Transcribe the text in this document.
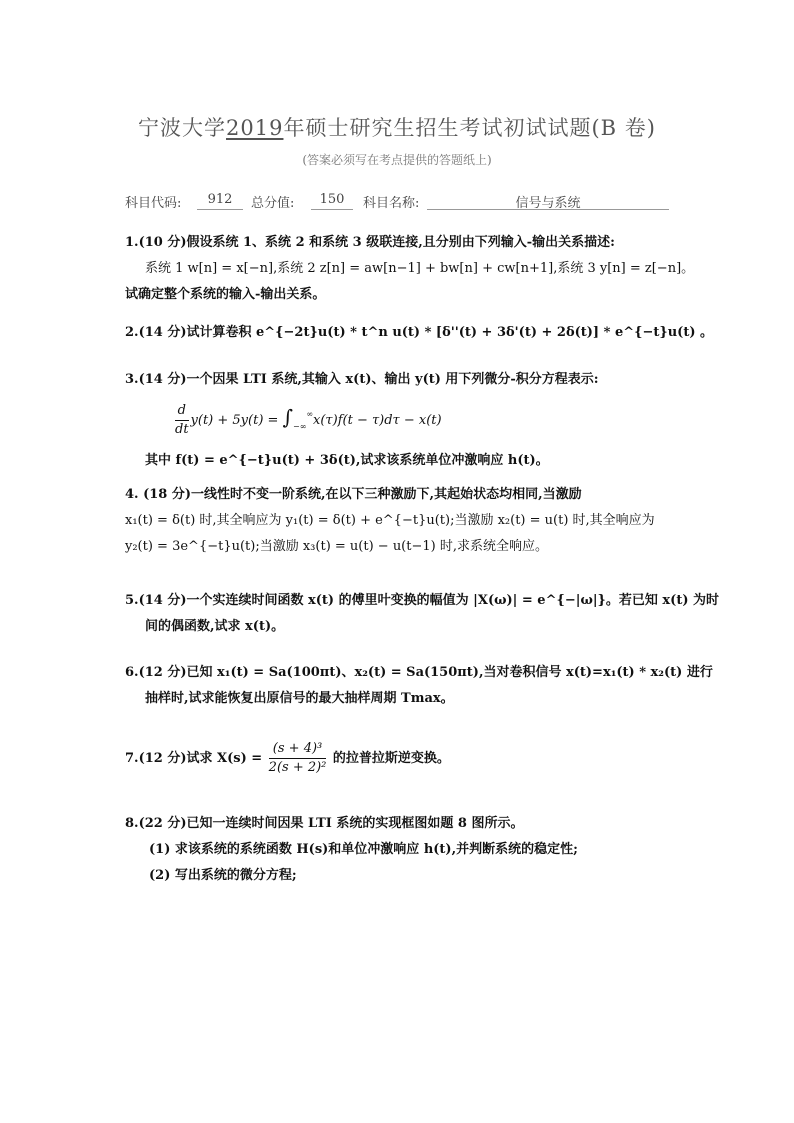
宁波大学2019年硕士研究生招生考试初试试题(B 卷)
(答案必须写在考点提供的答题纸上)
科目代码:	912	总分值:	150	科目名称:	信号与系统

1.(10 分)假设系统 1、系统 2 和系统 3 级联连接,且分别由下列输入-输出关系描述:

系统 1 w[n] = x[−n],系统 2 z[n] = aw[n−1] + bw[n] + cw[n+1],系统 3 y[n] = z[−n]。

试确定整个系统的输入-输出关系。

2.(14 分)试计算卷积 e^{−2t}u(t) * t^n u(t) * [δ''(t) + 3δ'(t) + 2δ(t)] * e^{−t}u(t) 。

3.(14 分)一个因果 LTI 系统,其输入 x(t)、输出 y(t) 用下列微分-积分方程表示:

$\frac{d}{dt} y(t) + 5y(t) = \int_{-\infty}^\infty x(\tau)f(t - \tau)d\tau - x(t)$

其中 f(t) = e^{−t}u(t) + 3δ(t),试求该系统单位冲激响应 h(t)。

4. (18 分)一线性时不变一阶系统,在以下三种激励下,其起始状态均相同,当激励

x₁(t) = δ(t) 时,其全响应为 y₁(t) = δ(t) + e^{−t}u(t);当激励 x₂(t) = u(t) 时,其全响应为

y₂(t) = 3e^{−t}u(t);当激励 x₃(t) = u(t) − u(t−1) 时,求系统全响应。

5.(14 分)一个实连续时间函数 x(t) 的傅里叶变换的幅值为 |X(ω)| = e^{−|ω|}。若已知 x(t) 为时

间的偶函数,试求 x(t)。

6.(12 分)已知 x₁(t) = Sa(100πt)、x₂(t) = Sa(150πt),当对卷积信号 x(t)=x₁(t) * x₂(t) 进行

抽样时,试求能恢复出原信号的最大抽样周期 Tmax。

7.(12 分)试求 $X(s) = \frac{\text{(s + 4)³}}{\text{2(s + 2)²}}$ 的拉普拉斯逆变换。

8.(22 分)已知一连续时间因果 LTI 系统的实现框图如题 8 图所示。

(1) 求该系统的系统函数 H(s)和单位冲激响应 h(t),并判断系统的稳定性;

(2) 写出系统的微分方程;
